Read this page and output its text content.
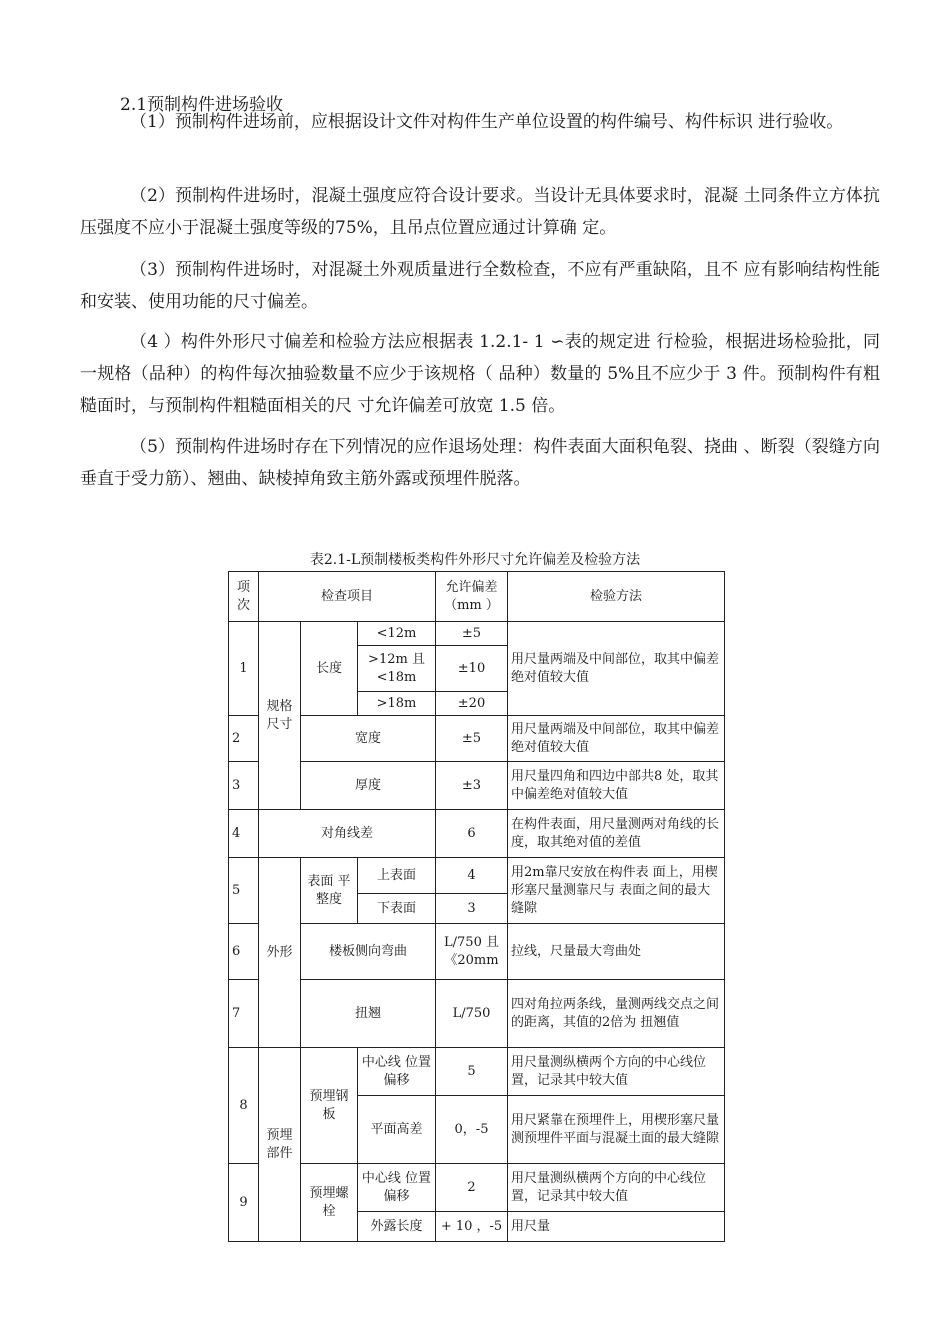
2.1预制构件进场验收

（1）预制构件进场前，应根据设计文件对构件生产单位设置的构件编号、构件标识 进行验收。

（2）预制构件进场时，混凝土强度应符合设计要求。当设计无具体要求时，混凝 土同条件立方体抗压强度不应小于混凝土强度等级的75%，且吊点位置应通过计算确 定。

（3）预制构件进场时，对混凝土外观质量进行全数检查，不应有严重缺陷，且不 应有影响结构性能和安装、使用功能的尺寸偏差。

（4 ）构件外形尺寸偏差和检验方法应根据表 1.2.1- 1 ∽表的规定进 行检验，根据进场检验批，同一规格（品种）的构件每次抽验数量不应少于该规格（ 品种）数量的 5%且不应少于 3 件。预制构件有粗糙面时，与预制构件粗糙面相关的尺 寸允许偏差可放宽 1.5 倍。

（5）预制构件进场时存在下列情况的应作退场处理：构件表面大面积龟裂、挠曲 、断裂（裂缝方向垂直于受力筋）、翘曲、缺棱掉角致主筋外露或预埋件脱落。

表2.1-L预制楼板类构件外形尺寸允许偏差及检验方法
项次	检查项目			允许偏差（mm ）	检验方法
1	规格尺寸	长度	<12m	±5	用尺量两端及中间部位，取其中偏差绝对值较大值
			>12m 且<18m	±10	
			>18m	±20	
2		宽度		±5	用尺量两端及中间部位，取其中偏差绝对值较大值
3		厚度		±3	用尺量四角和四边中部共8 处，取其中偏差绝对值较大值
4	对角线差			6	在构件表面，用尺量测两对角线的长度，取其绝对值的差值
5	外形	表面 平整度	上表面	4	用2m靠尺安放在构件表 面上，用楔形塞尺量测靠尺与 表面之间的最大缝隙
			下表面	3	
6		楼板侧向弯曲		L/750 且《20mm	拉线，尺量最大弯曲处
7		扭翘		L/750	四对角拉两条线，量测两线交点之间的距离，其值的2倍为 扭翘值
8	预埋部件	预埋钢板	中心线 位置偏移	5	用尺量测纵横两个方向的中心线位置，记录其中较大值
			平面高差	0，-5	用尺紧靠在预埋件上，用楔形塞尺量测预埋件平面与混凝土面的最大缝隙
9		预埋螺栓	中心线 位置偏移	2	用尺量测纵横两个方向的中心线位置，记录其中较大值
			外露长度	+ 10 ，-5	用尺量
